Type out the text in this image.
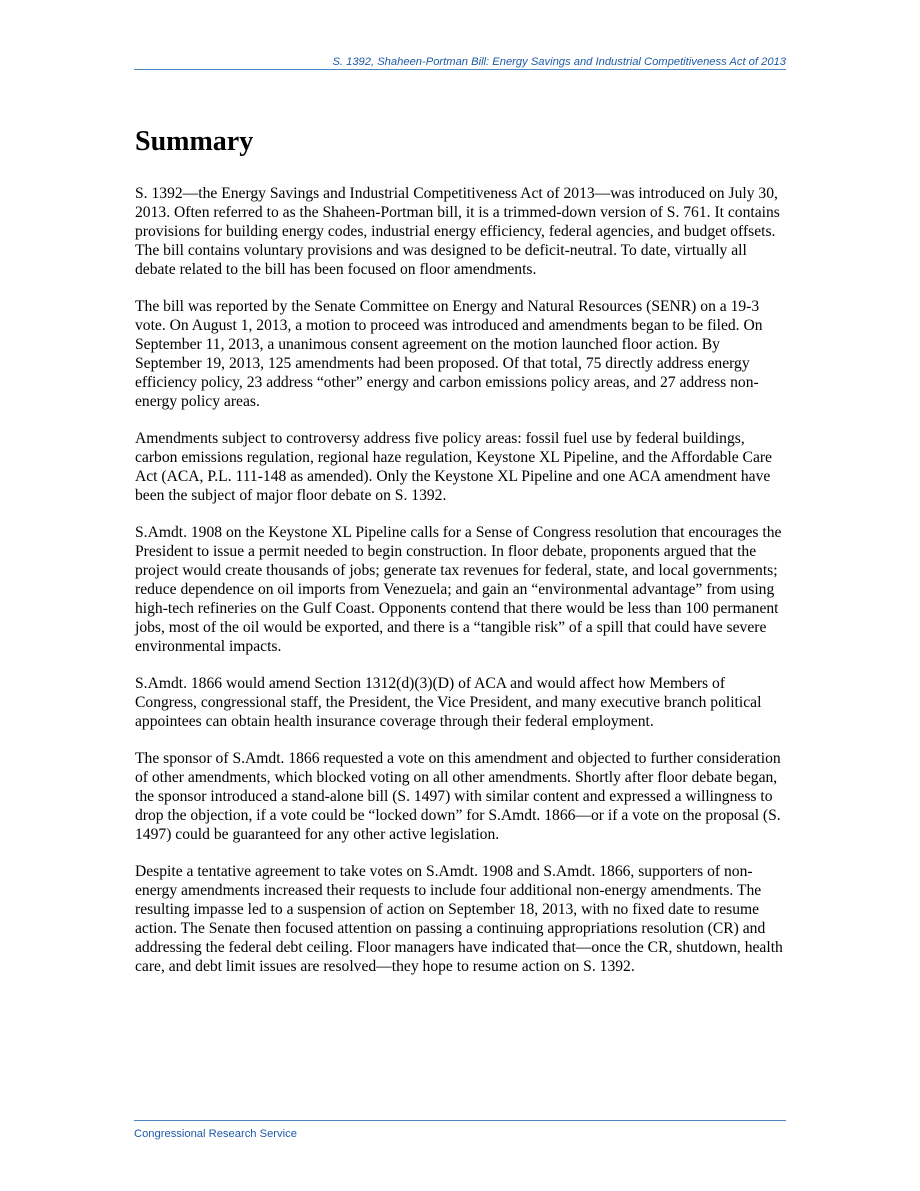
S. 1392, Shaheen-Portman Bill: Energy Savings and Industrial Competitiveness Act of 2013
Summary

S. 1392—the Energy Savings and Industrial Competitiveness Act of 2013—was introduced on July 30, 2013. Often referred to as the Shaheen-Portman bill, it is a trimmed-down version of S. 761. It contains provisions for building energy codes, industrial energy efficiency, federal agencies, and budget offsets. The bill contains voluntary provisions and was designed to be deficit-neutral. To date, virtually all debate related to the bill has been focused on floor amendments.

The bill was reported by the Senate Committee on Energy and Natural Resources (SENR) on a 19-3 vote. On August 1, 2013, a motion to proceed was introduced and amendments began to be filed. On September 11, 2013, a unanimous consent agreement on the motion launched floor action. By September 19, 2013, 125 amendments had been proposed. Of that total, 75 directly address energy efficiency policy, 23 address “other” energy and carbon emissions policy areas, and 27 address non-energy policy areas.

Amendments subject to controversy address five policy areas: fossil fuel use by federal buildings, carbon emissions regulation, regional haze regulation, Keystone XL Pipeline, and the Affordable Care Act (ACA, P.L. 111-148 as amended). Only the Keystone XL Pipeline and one ACA amendment have been the subject of major floor debate on S. 1392.

S.Amdt. 1908 on the Keystone XL Pipeline calls for a Sense of Congress resolution that encourages the President to issue a permit needed to begin construction. In floor debate, proponents argued that the project would create thousands of jobs; generate tax revenues for federal, state, and local governments; reduce dependence on oil imports from Venezuela; and gain an “environmental advantage” from using high-tech refineries on the Gulf Coast. Opponents contend that there would be less than 100 permanent jobs, most of the oil would be exported, and there is a “tangible risk” of a spill that could have severe environmental impacts.

S.Amdt. 1866 would amend Section 1312(d)(3)(D) of ACA and would affect how Members of Congress, congressional staff, the President, the Vice President, and many executive branch political appointees can obtain health insurance coverage through their federal employment.

The sponsor of S.Amdt. 1866 requested a vote on this amendment and objected to further consideration of other amendments, which blocked voting on all other amendments. Shortly after floor debate began, the sponsor introduced a stand-alone bill (S. 1497) with similar content and expressed a willingness to drop the objection, if a vote could be “locked down” for S.Amdt. 1866—or if a vote on the proposal (S. 1497) could be guaranteed for any other active legislation.

Despite a tentative agreement to take votes on S.Amdt. 1908 and S.Amdt. 1866, supporters of non-energy amendments increased their requests to include four additional non-energy amendments. The resulting impasse led to a suspension of action on September 18, 2013, with no fixed date to resume action. The Senate then focused attention on passing a continuing appropriations resolution (CR) and addressing the federal debt ceiling. Floor managers have indicated that—once the CR, shutdown, health care, and debt limit issues are resolved—they hope to resume action on S. 1392.

Congressional Research Service
